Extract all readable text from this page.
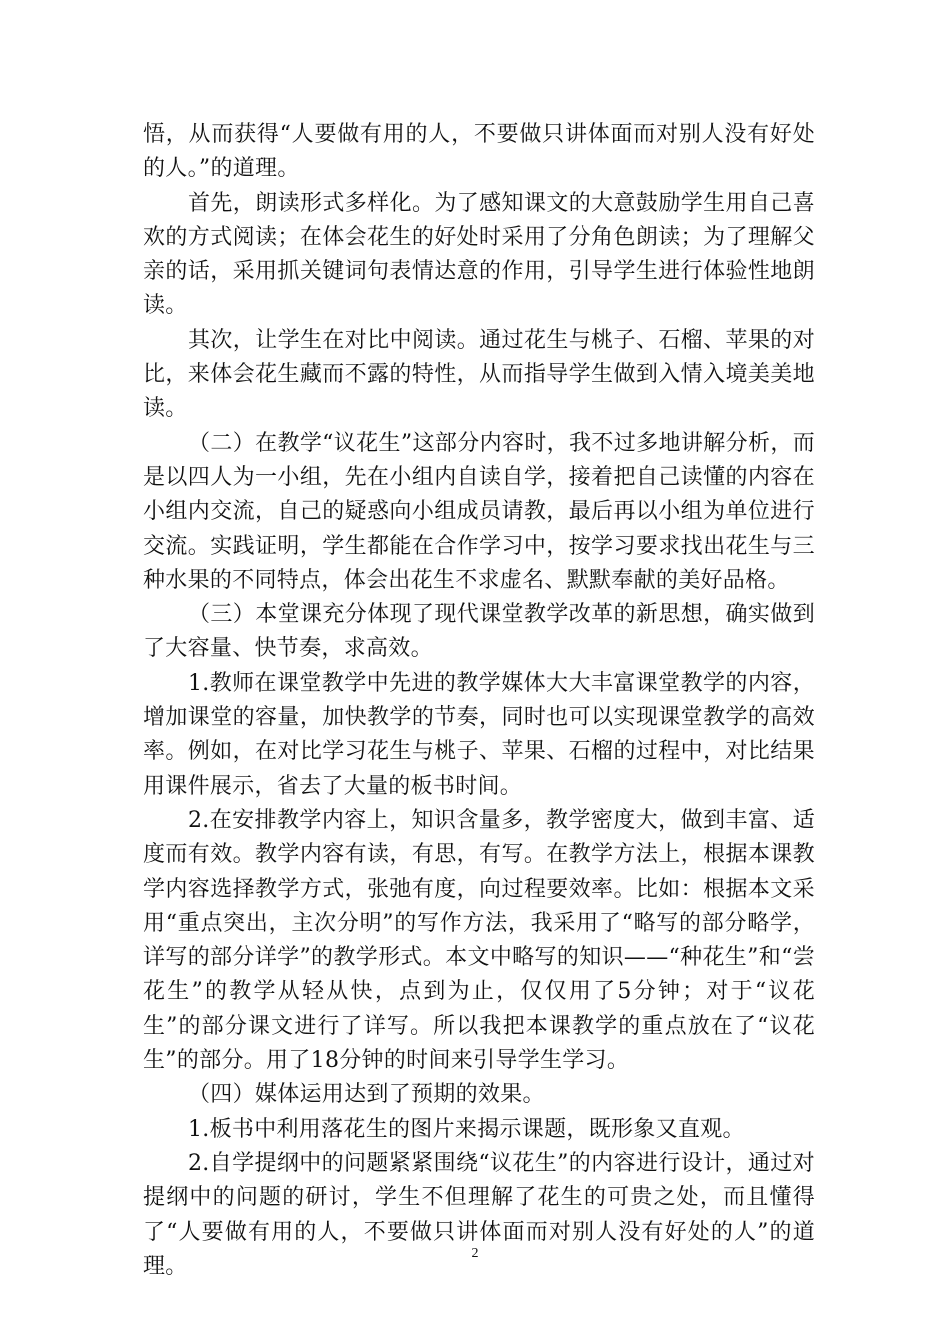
悟，从而获得“人要做有用的人，不要做只讲体面而对别人没有好处的人。”的道理。

首先，朗读形式多样化。为了感知课文的大意鼓励学生用自己喜欢的方式阅读；在体会花生的好处时采用了分角色朗读；为了理解父亲的话，采用抓关键词句表情达意的作用，引导学生进行体验性地朗读。

其次，让学生在对比中阅读。通过花生与桃子、石榴、苹果的对比，来体会花生藏而不露的特性，从而指导学生做到入情入境美美地读。

（二）在教学“议花生”这部分内容时，我不过多地讲解分析，而是以四人为一小组，先在小组内自读自学，接着把自己读懂的内容在小组内交流，自己的疑惑向小组成员请教，最后再以小组为单位进行交流。实践证明，学生都能在合作学习中，按学习要求找出花生与三种水果的不同特点，体会出花生不求虚名、默默奉献的美好品格。

（三）本堂课充分体现了现代课堂教学改革的新思想，确实做到了大容量、快节奏，求高效。

1.教师在课堂教学中先进的教学媒体大大丰富课堂教学的内容，增加课堂的容量，加快教学的节奏，同时也可以实现课堂教学的高效率。例如，在对比学习花生与桃子、苹果、石榴的过程中，对比结果用课件展示，省去了大量的板书时间。

2.在安排教学内容上，知识含量多，教学密度大，做到丰富、适度而有效。教学内容有读，有思，有写。在教学方法上，根据本课教学内容选择教学方式，张弛有度，向过程要效率。比如：根据本文采用“重点突出，主次分明”的写作方法，我采用了“略写的部分略学，详写的部分详学”的教学形式。本文中略写的知识——“种花生”和“尝花生”的教学从轻从快，点到为止，仅仅用了5分钟；对于“议花生”的部分课文进行了详写。所以我把本课教学的重点放在了“议花生”的部分。用了18分钟的时间来引导学生学习。

（四）媒体运用达到了预期的效果。

1.板书中利用落花生的图片来揭示课题，既形象又直观。

2.自学提纲中的问题紧紧围绕“议花生”的内容进行设计，通过对提纲中的问题的研讨，学生不但理解了花生的可贵之处，而且懂得了“人要做有用的人，不要做只讲体面而对别人没有好处的人”的道理。

2
